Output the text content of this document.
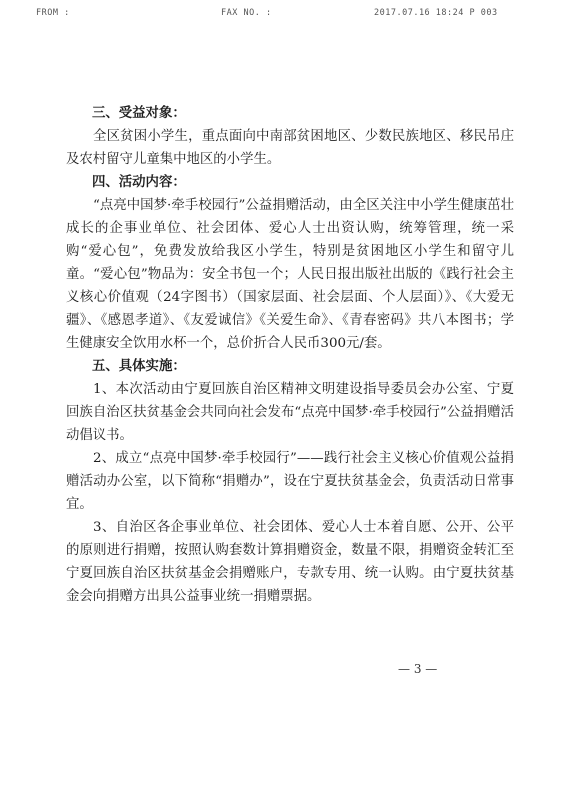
FROM :	FAX NO. :	2017.07.16 18:24 P 003

三、受益对象：

全区贫困小学生，重点面向中南部贫困地区、少数民族地区、移民吊庄及农村留守儿童集中地区的小学生。

四、活动内容：

“点亮中国梦·牵手校园行”公益捐赠活动，由全区关注中小学生健康茁壮成长的企事业单位、社会团体、爱心人士出资认购，统筹管理，统一采购“爱心包”，免费发放给我区小学生，特别是贫困地区小学生和留守儿童。“爱心包”物品为：安全书包一个；人民日报出版社出版的《践行社会主义核心价值观（24字图书）（国家层面、社会层面、个人层面）》、《大爱无疆》、《感恩孝道》、《友爱诚信》《关爱生命》、《青春密码》共八本图书；学生健康安全饮用水杯一个，总价折合人民币300元/套。

五、具体实施：

1、本次活动由宁夏回族自治区精神文明建设指导委员会办公室、宁夏回族自治区扶贫基金会共同向社会发布“点亮中国梦·牵手校园行”公益捐赠活动倡议书。

2、成立“点亮中国梦·牵手校园行”——践行社会主义核心价值观公益捐赠活动办公室，以下简称“捐赠办”，设在宁夏扶贫基金会，负责活动日常事宜。

3、自治区各企事业单位、社会团体、爱心人士本着自愿、公开、公平的原则进行捐赠，按照认购套数计算捐赠资金，数量不限，捐赠资金转汇至宁夏回族自治区扶贫基金会捐赠账户，专款专用、统一认购。由宁夏扶贫基金会向捐赠方出具公益事业统一捐赠票据。

— 3 —
